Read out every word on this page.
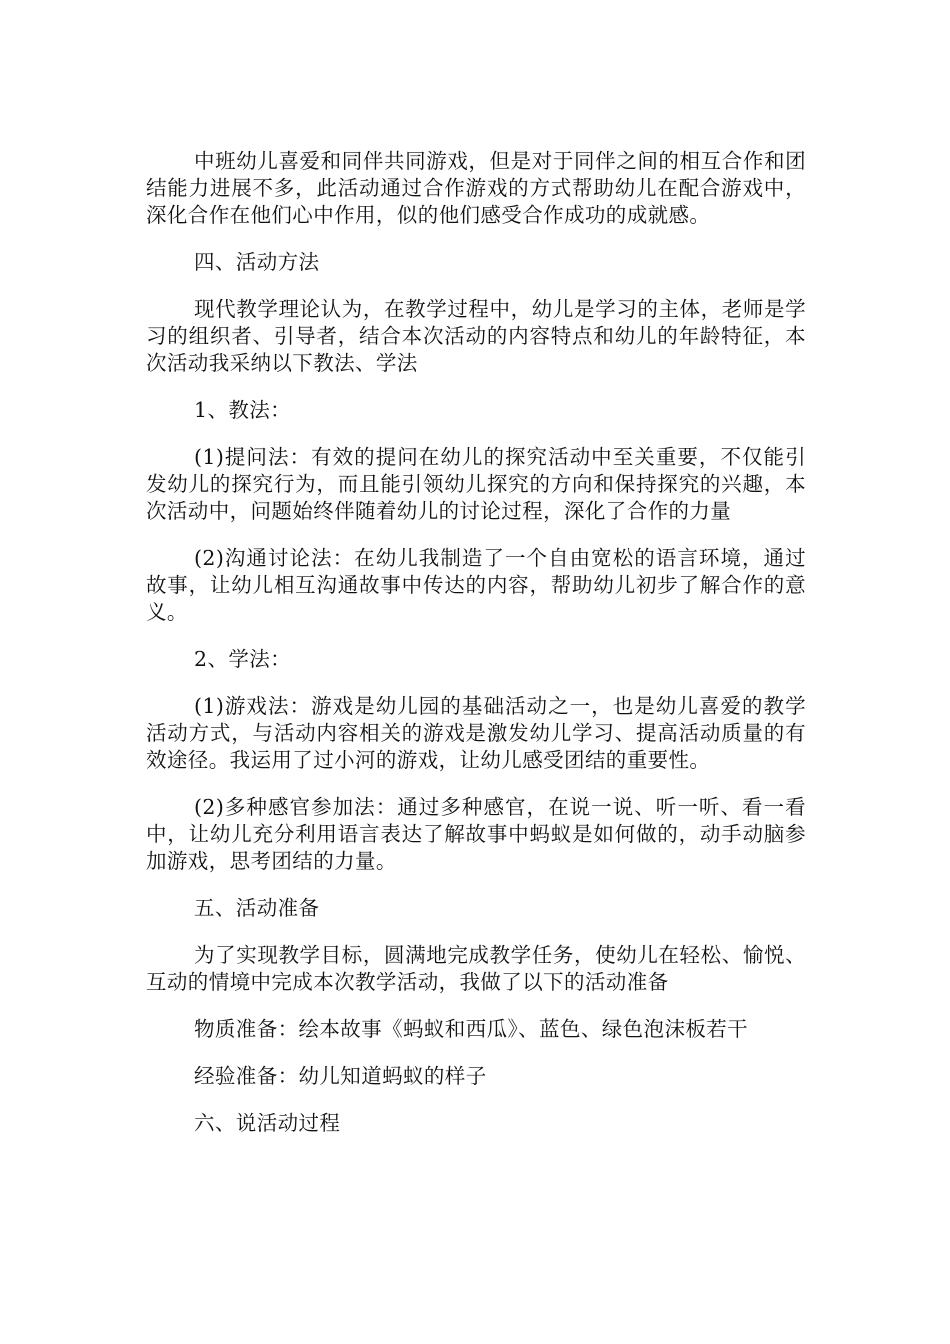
中班幼儿喜爱和同伴共同游戏，但是对于同伴之间的相互合作和团结能力进展不多，此活动通过合作游戏的方式帮助幼儿在配合游戏中，深化合作在他们心中作用，似的他们感受合作成功的成就感。

四、活动方法

现代教学理论认为，在教学过程中，幼儿是学习的主体，老师是学习的组织者、引导者，结合本次活动的内容特点和幼儿的年龄特征，本次活动我采纳以下教法、学法

1、教法：

(1)提问法：有效的提问在幼儿的探究活动中至关重要，不仅能引发幼儿的探究行为，而且能引领幼儿探究的方向和保持探究的兴趣，本次活动中，问题始终伴随着幼儿的讨论过程，深化了合作的力量

(2)沟通讨论法：在幼儿我制造了一个自由宽松的语言环境，通过故事，让幼儿相互沟通故事中传达的内容，帮助幼儿初步了解合作的意义。

2、学法：

(1)游戏法：游戏是幼儿园的基础活动之一，也是幼儿喜爱的教学活动方式，与活动内容相关的游戏是激发幼儿学习、提高活动质量的有效途径。我运用了过小河的游戏，让幼儿感受团结的重要性。

(2)多种感官参加法：通过多种感官，在说一说、听一听、看一看中，让幼儿充分利用语言表达了解故事中蚂蚁是如何做的，动手动脑参加游戏，思考团结的力量。

五、活动准备

为了实现教学目标，圆满地完成教学任务，使幼儿在轻松、愉悦、互动的情境中完成本次教学活动，我做了以下的活动准备

物质准备：绘本故事《蚂蚁和西瓜》、蓝色、绿色泡沫板若干

经验准备：幼儿知道蚂蚁的样子

六、说活动过程
